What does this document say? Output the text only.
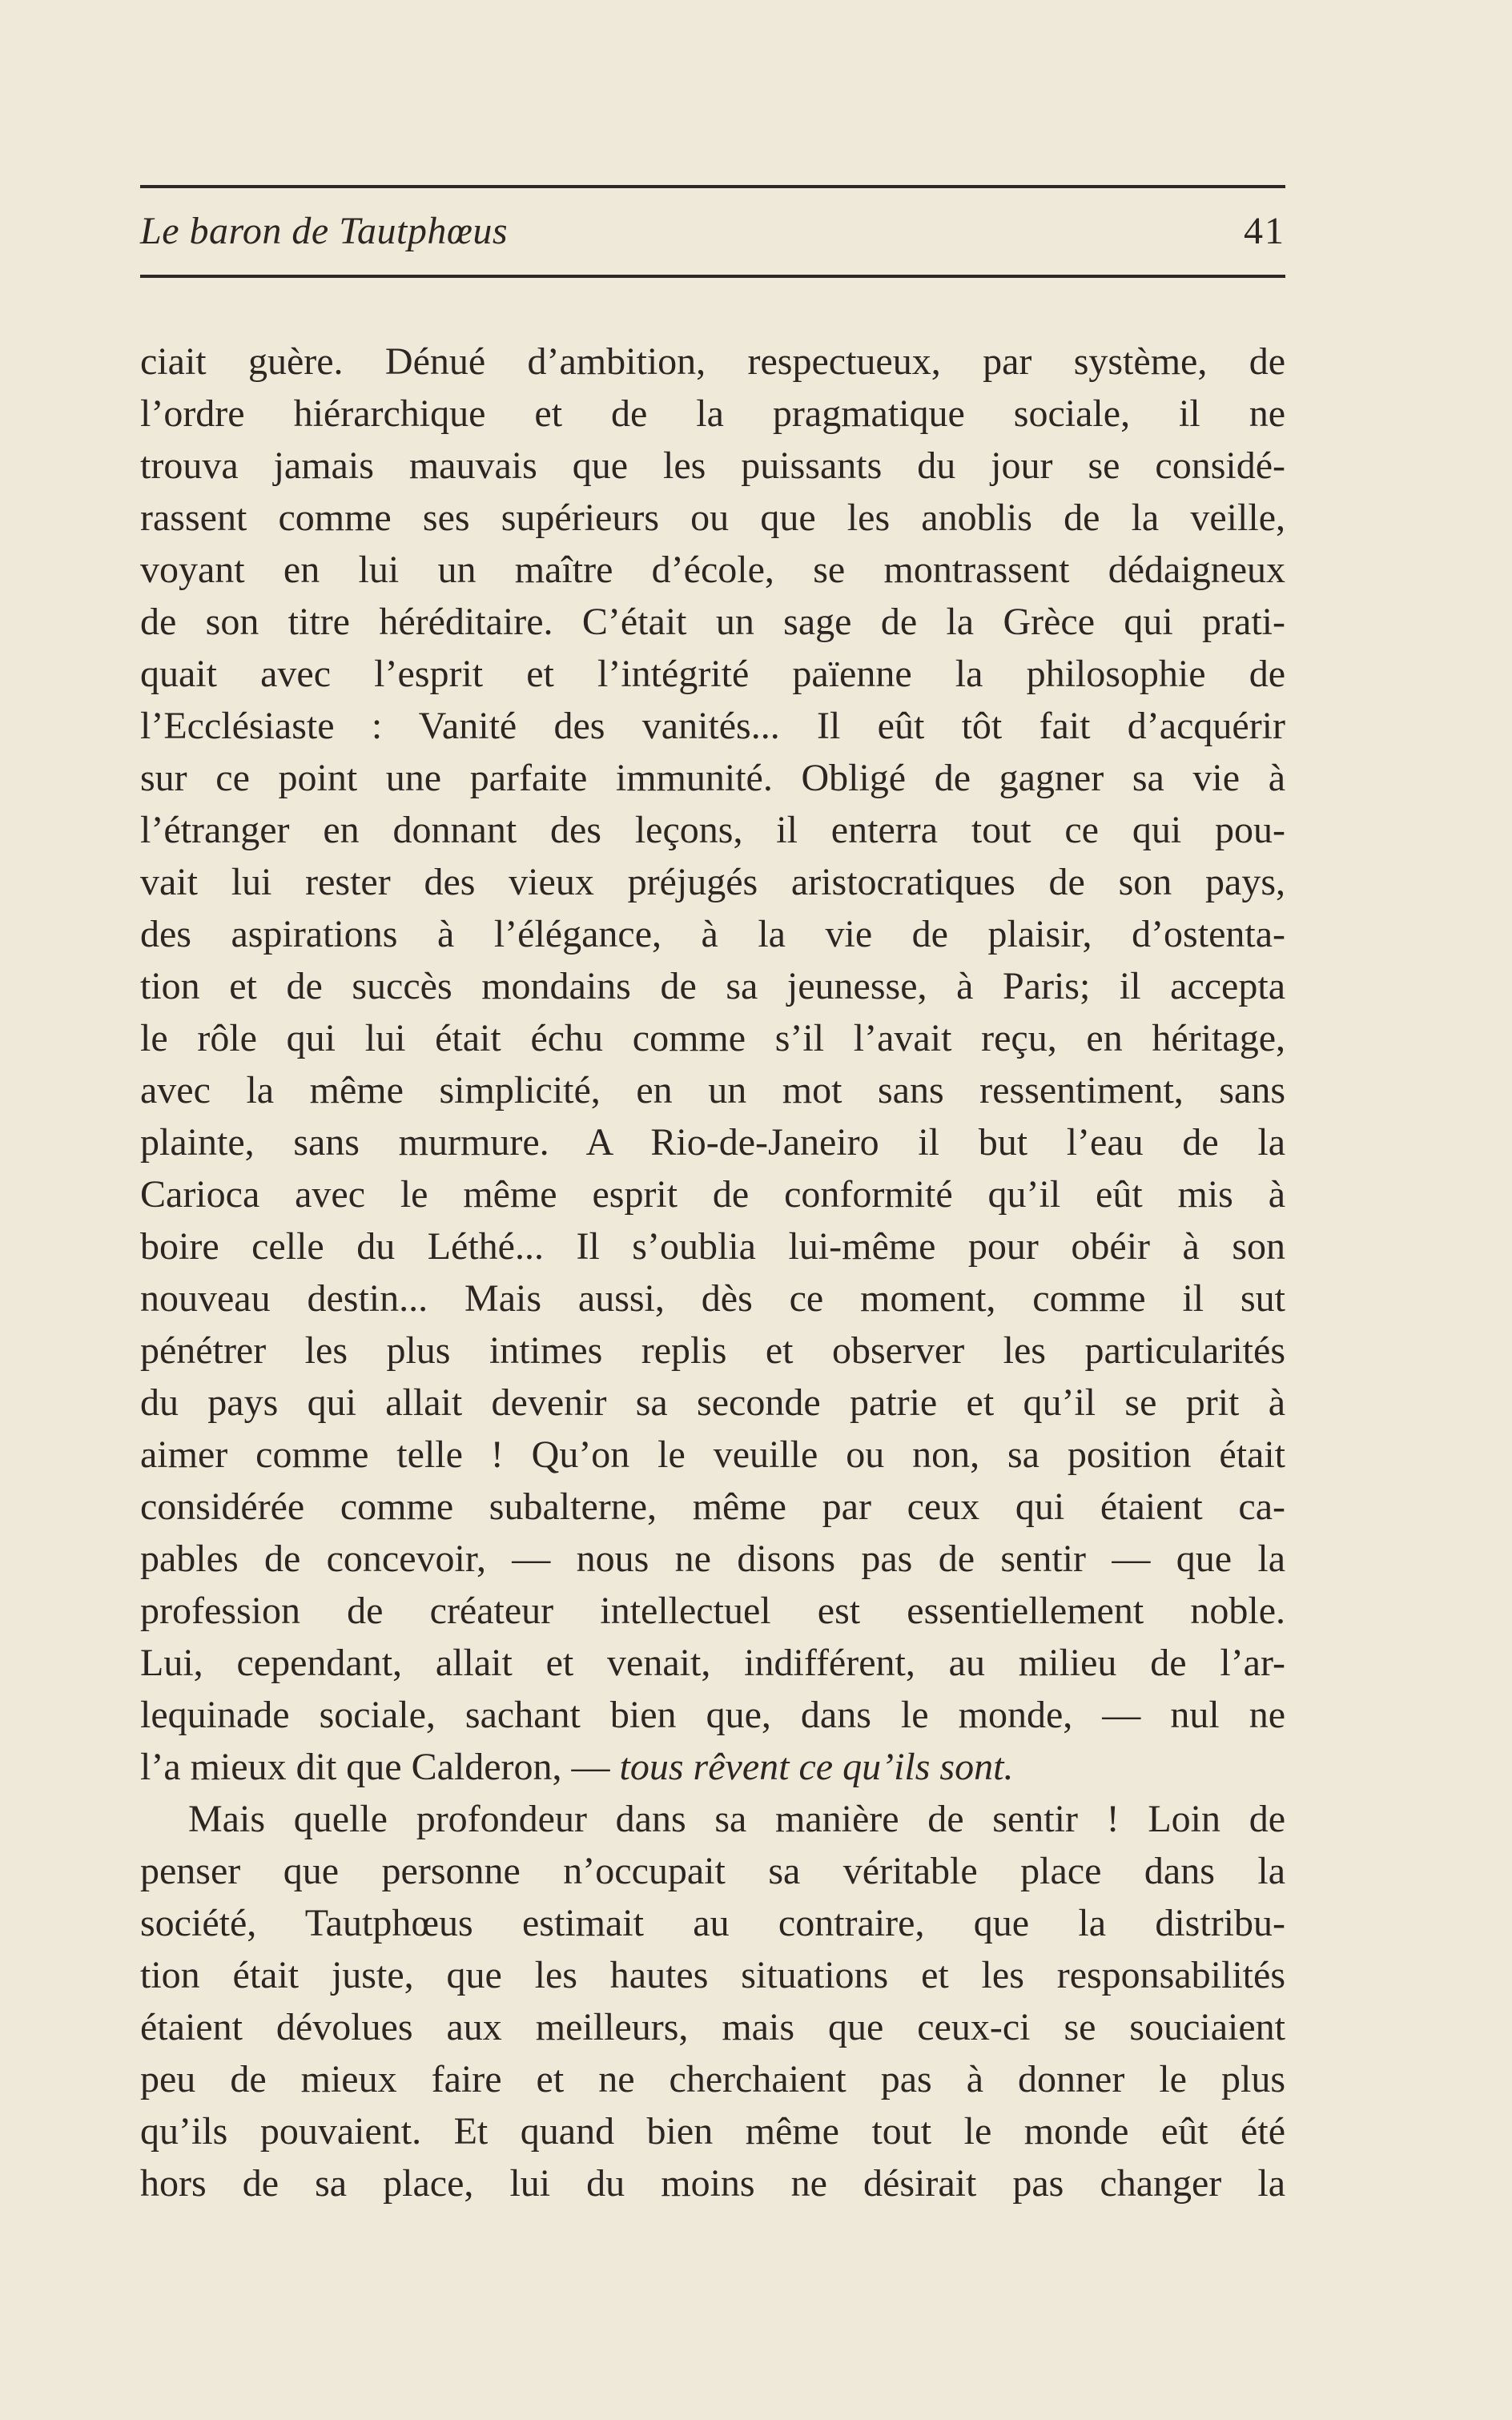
Le baron de Tautphœus	41
ciait guère. Dénué d’ambition, respectueux, par système, de
l’ordre hiérarchique et de la pragmatique sociale, il ne
trouva jamais mauvais que les puissants du jour se considé-
rassent comme ses supérieurs ou que les anoblis de la veille,
voyant en lui un maître d’école, se montrassent dédaigneux
de son titre héréditaire. C’était un sage de la Grèce qui prati-
quait avec l’esprit et l’intégrité païenne la philosophie de
l’Ecclésiaste : Vanité des vanités... Il eût tôt fait d’acquérir
sur ce point une parfaite immunité. Obligé de gagner sa vie à
l’étranger en donnant des leçons, il enterra tout ce qui pou-
vait lui rester des vieux préjugés aristocratiques de son pays,
des aspirations à l’élégance, à la vie de plaisir, d’ostenta-
tion et de succès mondains de sa jeunesse, à Paris; il accepta
le rôle qui lui était échu comme s’il l’avait reçu, en héritage,
avec la même simplicité, en un mot sans ressentiment, sans
plainte, sans murmure. A Rio-de-Janeiro il but l’eau de la
Carioca avec le même esprit de conformité qu’il eût mis à
boire celle du Léthé... Il s’oublia lui-même pour obéir à son
nouveau destin... Mais aussi, dès ce moment, comme il sut
pénétrer les plus intimes replis et observer les particularités
du pays qui allait devenir sa seconde patrie et qu’il se prit à
aimer comme telle ! Qu’on le veuille ou non, sa position était
considérée comme subalterne, même par ceux qui étaient ca-
pables de concevoir, — nous ne disons pas de sentir — que la
profession de créateur intellectuel est essentiellement noble.
Lui, cependant, allait et venait, indifférent, au milieu de l’ar-
lequinade sociale, sachant bien que, dans le monde, — nul ne
l’a mieux dit que Calderon, — tous rêvent ce qu’ils sont.
Mais quelle profondeur dans sa manière de sentir ! Loin de
penser que personne n’occupait sa véritable place dans la
société, Tautphœus estimait au contraire, que la distribu-
tion était juste, que les hautes situations et les responsabilités
étaient dévolues aux meilleurs, mais que ceux-ci se souciaient
peu de mieux faire et ne cherchaient pas à donner le plus
qu’ils pouvaient. Et quand bien même tout le monde eût été
hors de sa place, lui du moins ne désirait pas changer la
